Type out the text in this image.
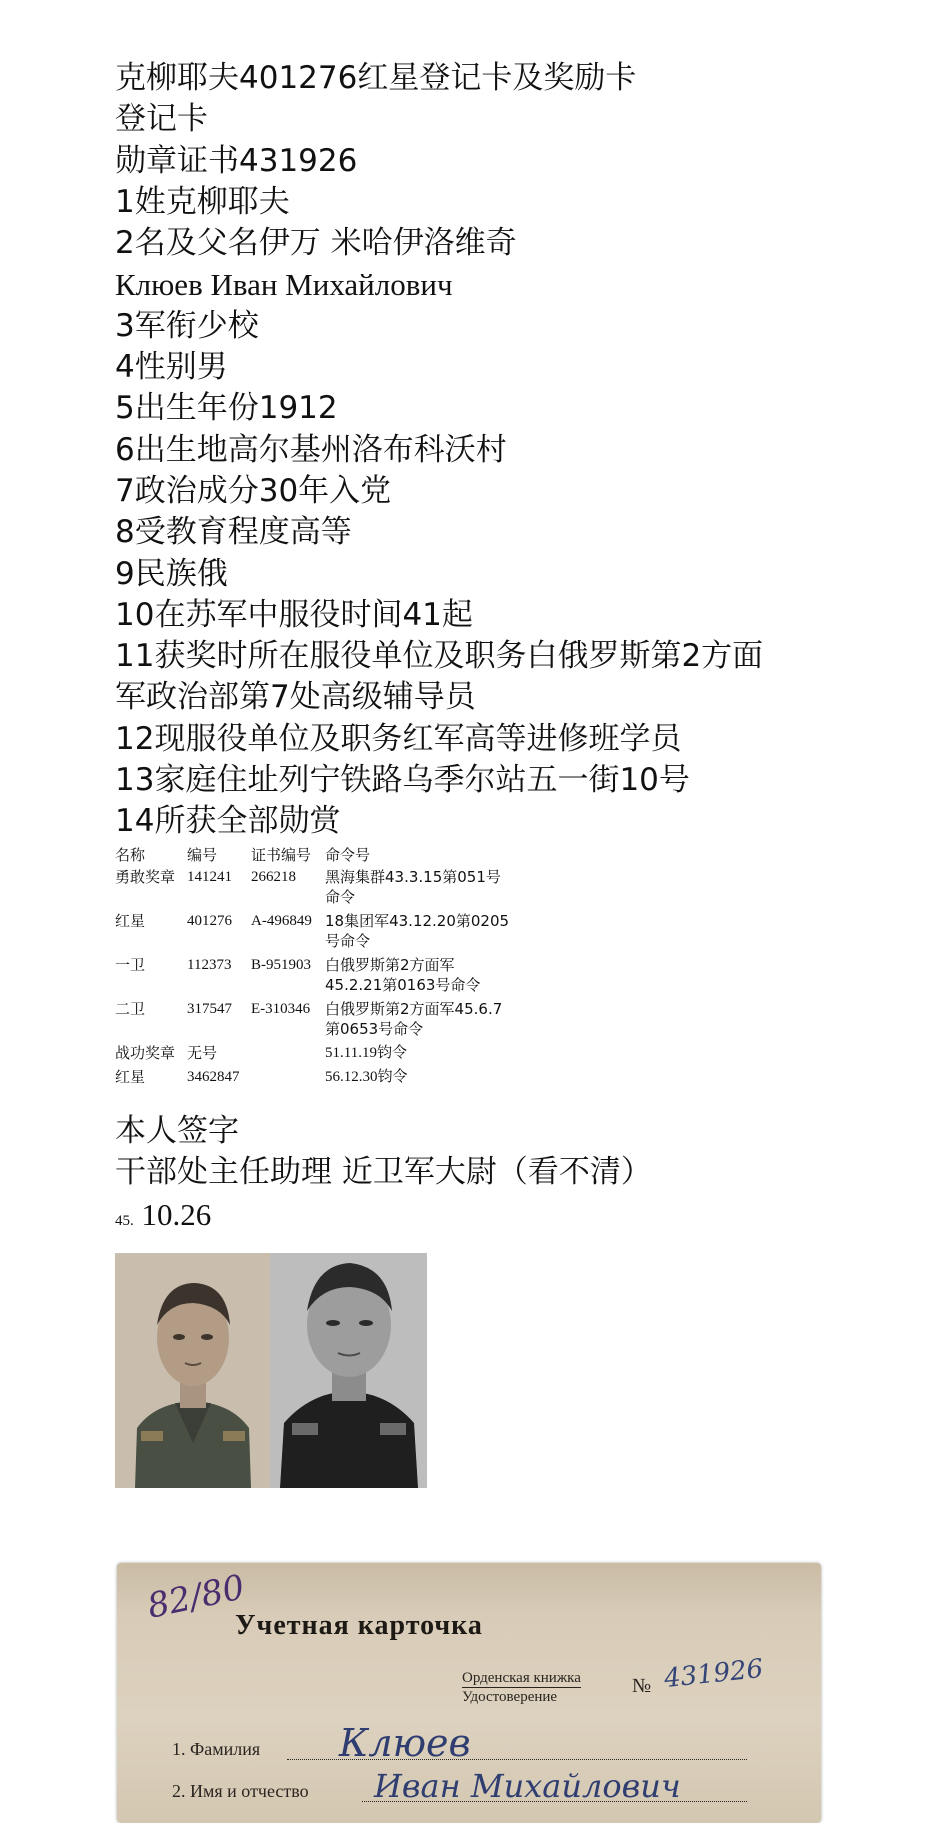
克柳耶夫401276红星登记卡及奖励卡

登记卡

勋章证书431926

1姓克柳耶夫

2名及父名伊万 米哈伊洛维奇

Клюев Иван Михайлович

3军衔少校

4性别男

5出生年份1912

6出生地高尔基州洛布科沃村

7政治成分30年入党

8受教育程度高等

9民族俄

10在苏军中服役时间41起

11获奖时所在服役单位及职务白俄罗斯第2方面

军政治部第7处高级辅导员

12现服役单位及职务红军高等进修班学员

13家庭住址列宁铁路乌季尔站五一街10号

14所获全部勋赏

名称	编号	证书编号	命令号
勇敢奖章	141241	266218	黑海集群43.3.15第051号命令
红星	401276	A-496849	18集团军43.12.20第0205号命令
一卫	112373	B-951903	白俄罗斯第2方面军45.2.21第0163号命令
二卫	317547	E-310346	白俄罗斯第2方面军45.6.7第0653号命令
战功奖章	无号		51.11.19钧令
红星	3462847		56.12.30钧令

本人签字

干部处主任助理 近卫军大尉（看不清）

45. 10.26
82/80
Учетная карточка
Орденская книжка
Удостоверение	№ 431926
1. Фамилия Клюев
2. Имя и отчество Иван Михайлович
